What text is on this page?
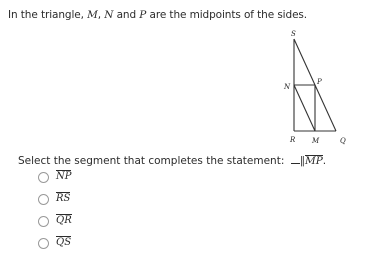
In the triangle, M, N and P are the midpoints of the sides.
S
N
P
R M	Q
Select the segment that completes the statement: ∥MP.
NP
RS
QR
QS
